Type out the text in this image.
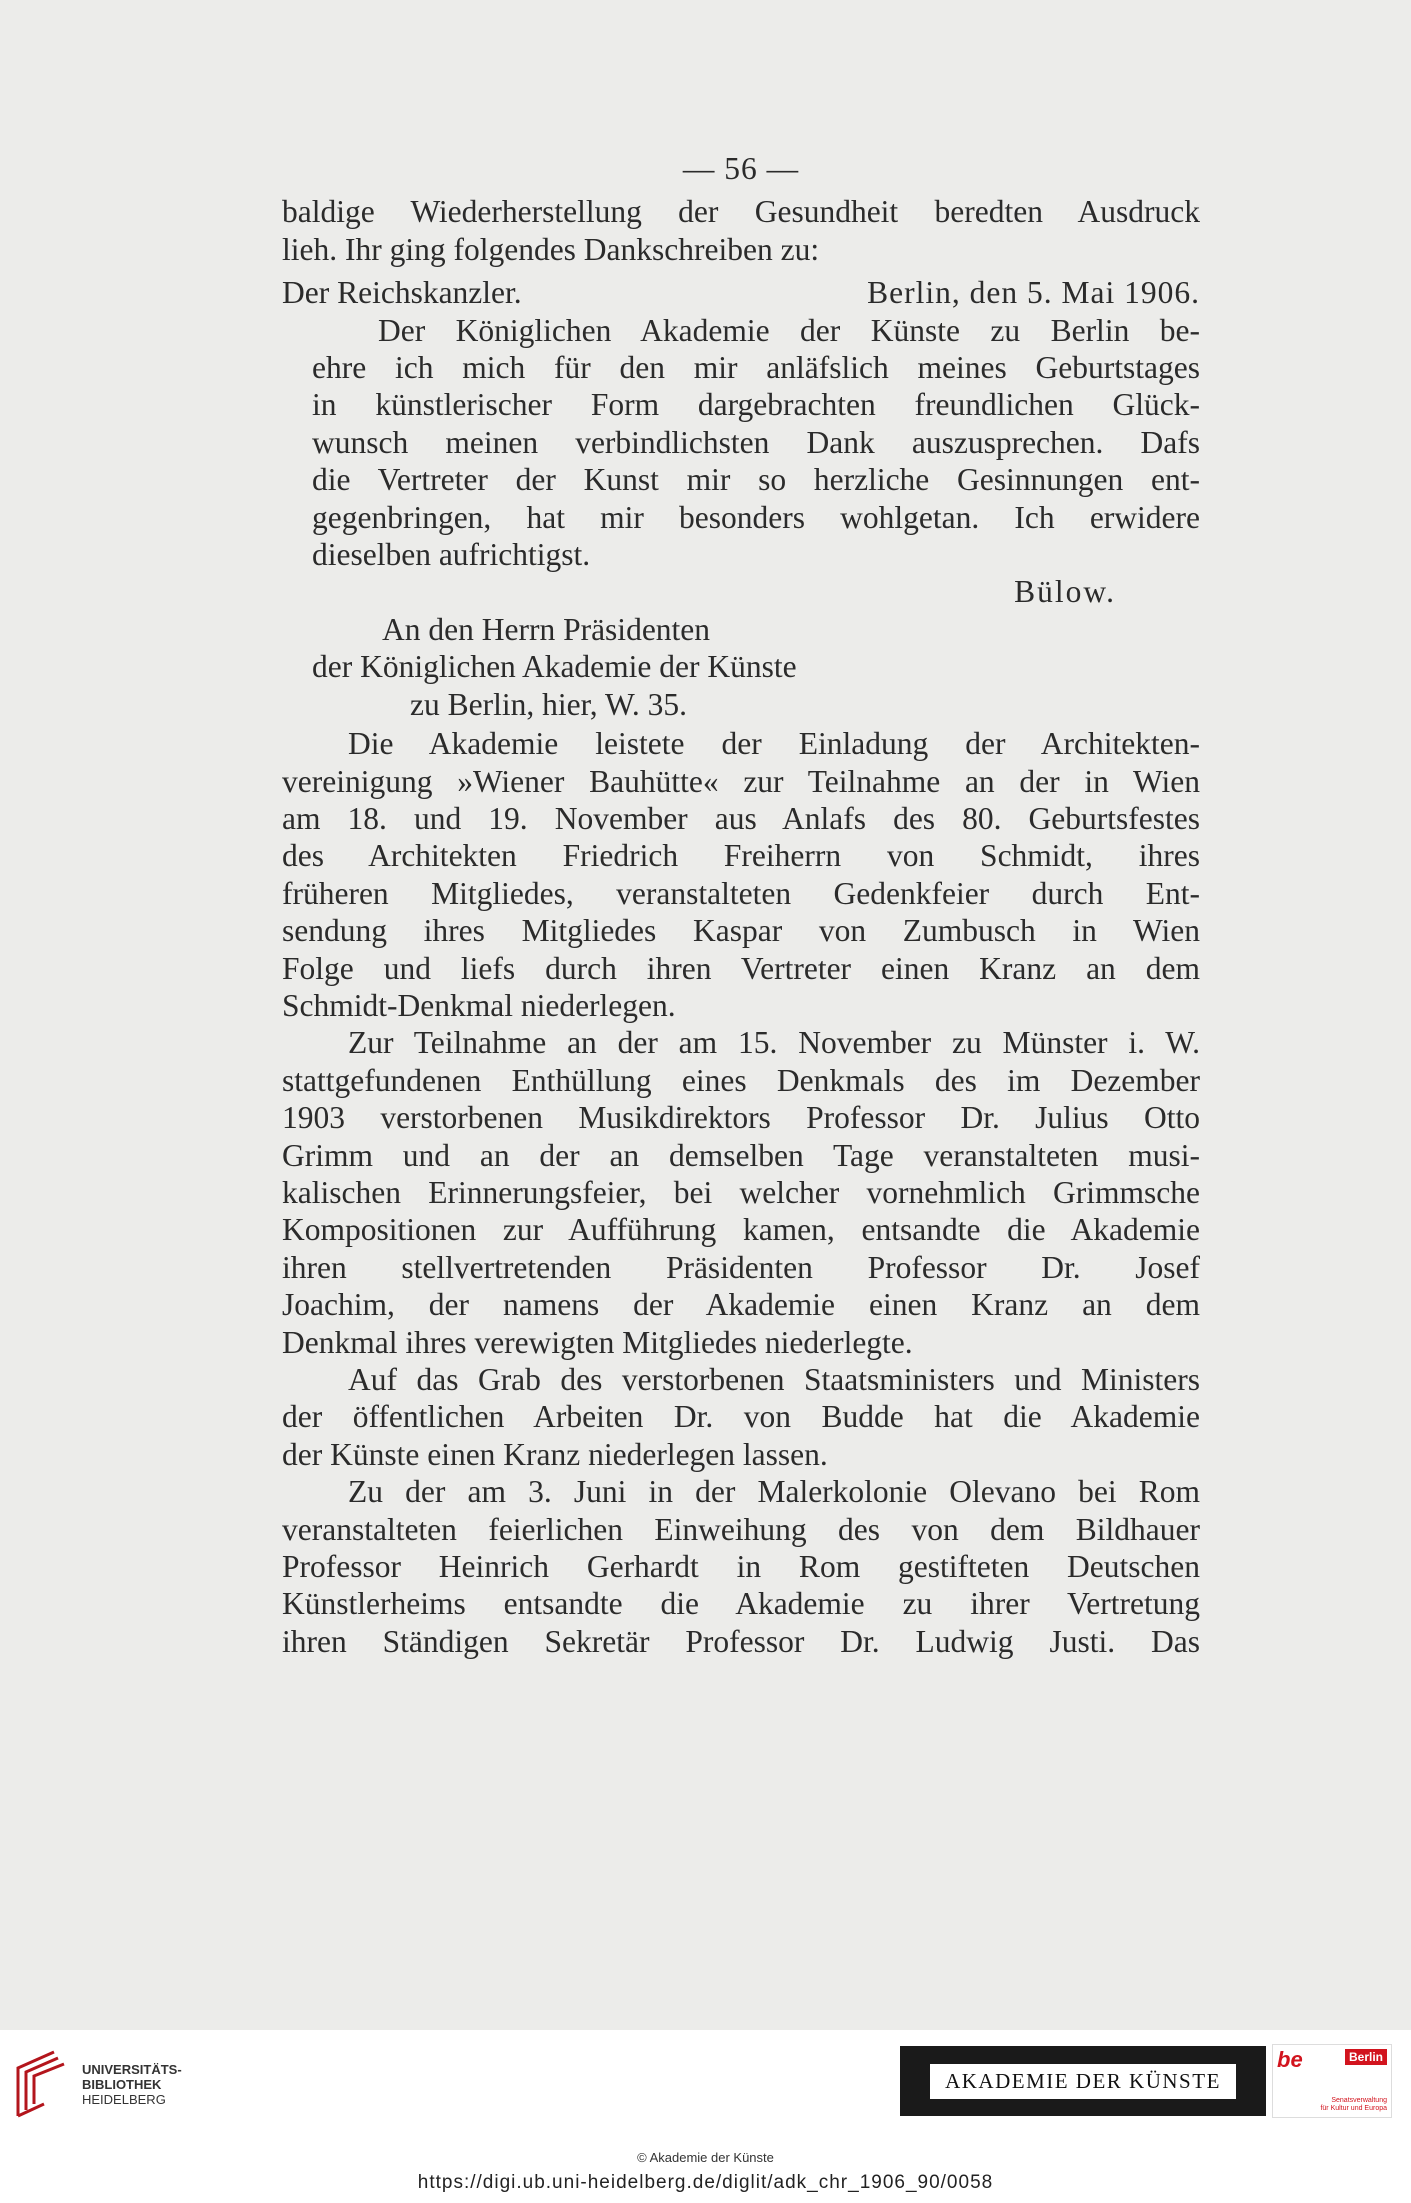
— 56 —
baldige Wiederherstellung der Gesundheit beredten Ausdruck
lieh. Ihr ging folgendes Dankschreiben zu:
Der Reichskanzler.	Berlin, den 5. Mai 1906.
Der Königlichen Akademie der Künste zu Berlin be-
ehre ich mich für den mir anläfslich meines Geburtstages
in künstlerischer Form dargebrachten freundlichen Glück-
wunsch meinen verbindlichsten Dank auszusprechen. Dafs
die Vertreter der Kunst mir so herzliche Gesinnungen ent-
gegenbringen, hat mir besonders wohlgetan. Ich erwidere
dieselben aufrichtigst.
Bülow.
An den Herrn Präsidenten
der Königlichen Akademie der Künste
zu Berlin, hier, W. 35.
Die Akademie leistete der Einladung der Architekten-
vereinigung »Wiener Bauhütte« zur Teilnahme an der in Wien
am 18. und 19. November aus Anlafs des 80. Geburtsfestes
des Architekten Friedrich Freiherrn von Schmidt, ihres
früheren Mitgliedes, veranstalteten Gedenkfeier durch Ent-
sendung ihres Mitgliedes Kaspar von Zumbusch in Wien
Folge und liefs durch ihren Vertreter einen Kranz an dem
Schmidt-Denkmal niederlegen.
Zur Teilnahme an der am 15. November zu Münster i. W.
stattgefundenen Enthüllung eines Denkmals des im Dezember
1903 verstorbenen Musikdirektors Professor Dr. Julius Otto
Grimm und an der an demselben Tage veranstalteten musi-
kalischen Erinnerungsfeier, bei welcher vornehmlich Grimmsche
Kompositionen zur Aufführung kamen, entsandte die Akademie
ihren stellvertretenden Präsidenten Professor Dr. Josef
Joachim, der namens der Akademie einen Kranz an dem
Denkmal ihres verewigten Mitgliedes niederlegte.
Auf das Grab des verstorbenen Staatsministers und Ministers
der öffentlichen Arbeiten Dr. von Budde hat die Akademie
der Künste einen Kranz niederlegen lassen.
Zu der am 3. Juni in der Malerkolonie Olevano bei Rom
veranstalteten feierlichen Einweihung des von dem Bildhauer
Professor Heinrich Gerhardt in Rom gestifteten Deutschen
Künstlerheims entsandte die Akademie zu ihrer Vertretung
ihren Ständigen Sekretär Professor Dr. Ludwig Justi. Das
UNIVERSITÄTS-
BIBLIOTHEK
HEIDELBERG
AKADEMIE DER KÜNSTE
be	Berlin
Senatsverwaltung
für Kultur und Europa
© Akademie der Künste
https://digi.ub.uni-heidelberg.de/diglit/adk_chr_1906_90/0058
